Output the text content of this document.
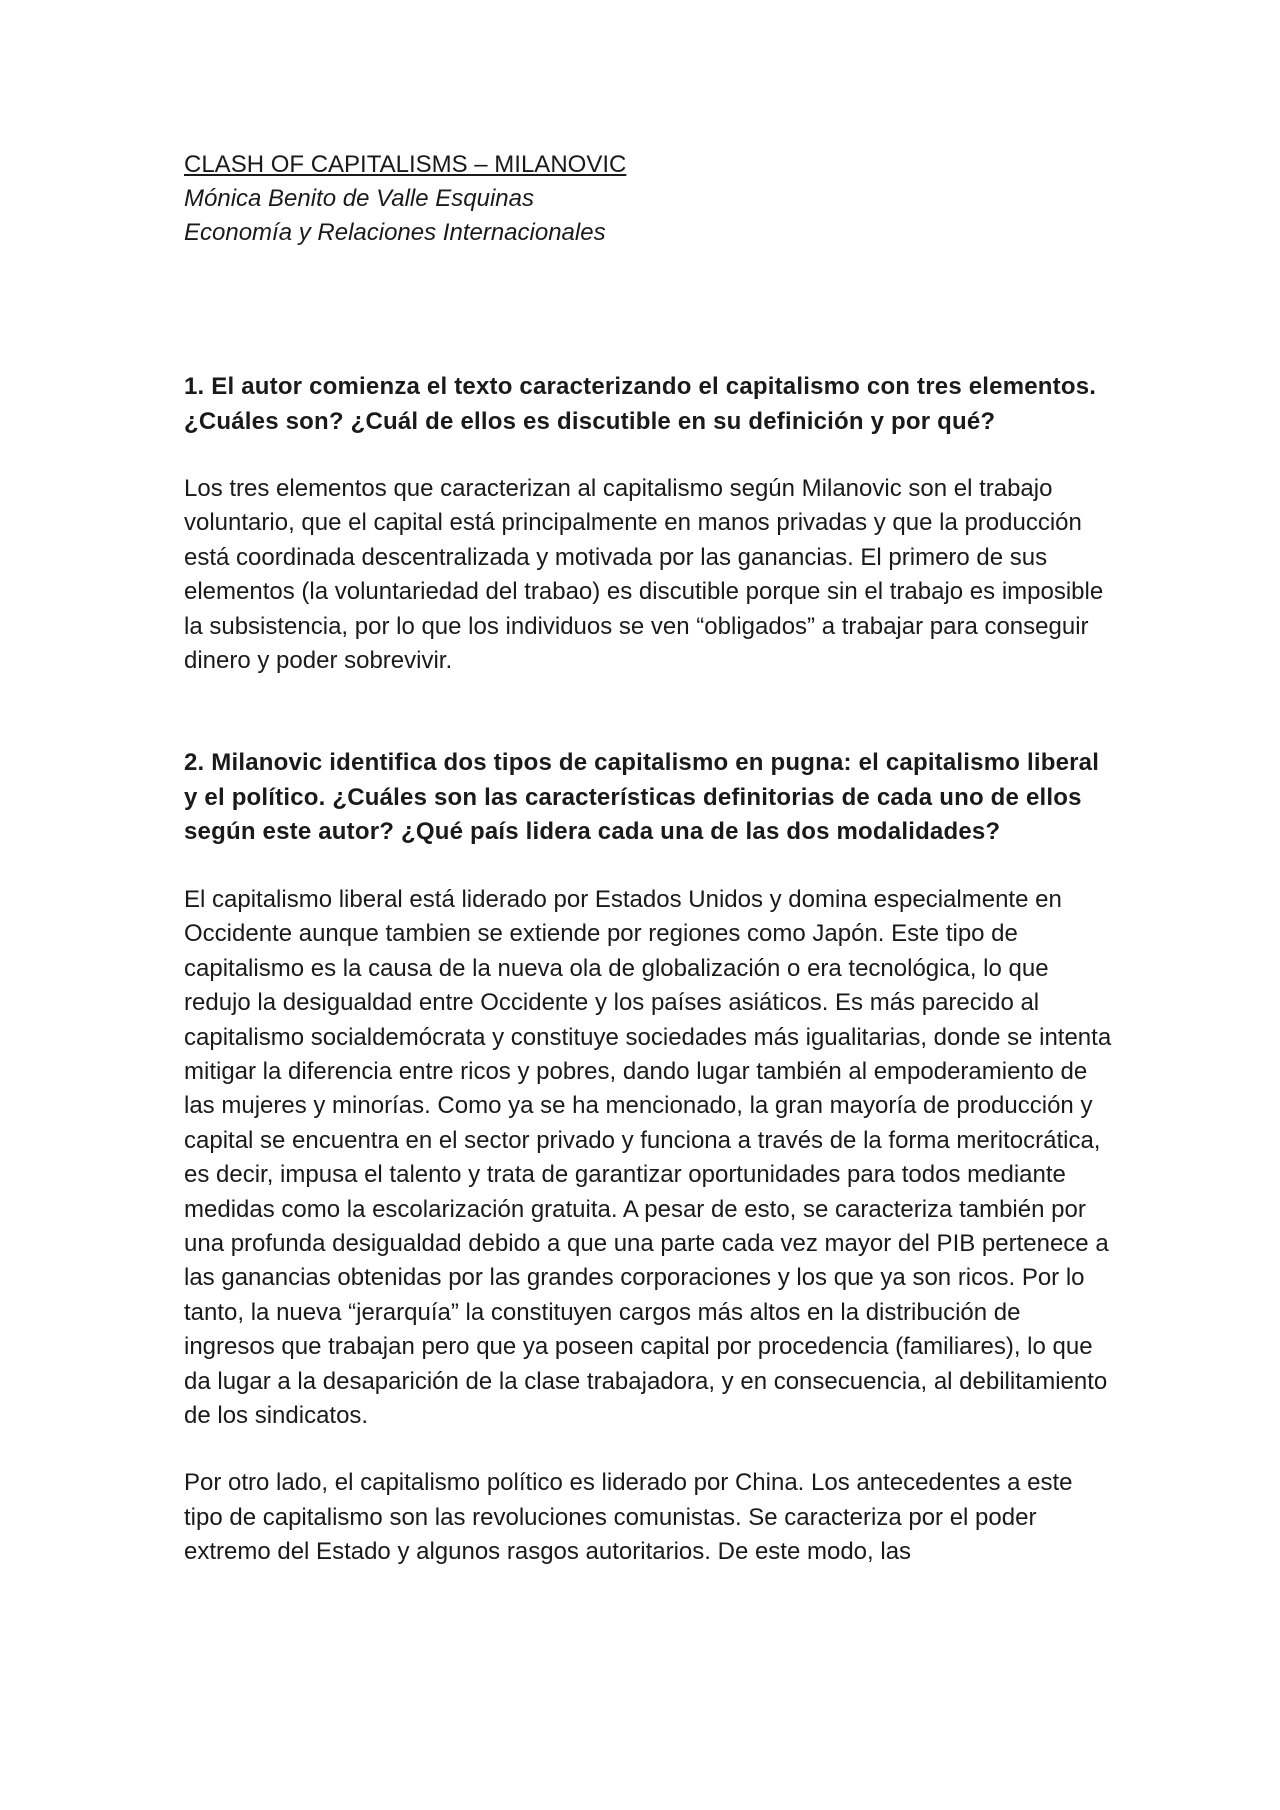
CLASH OF CAPITALISMS – MILANOVIC

Mónica Benito de Valle Esquinas

Economía y Relaciones Internacionales

1. El autor comienza el texto caracterizando el capitalismo con tres elementos. ¿Cuáles son? ¿Cuál de ellos es discutible en su definición y por qué?

Los tres elementos que caracterizan al capitalismo según Milanovic son el trabajo voluntario, que el capital está principalmente en manos privadas y que la producción está coordinada descentralizada y motivada por las ganancias. El primero de sus elementos (la voluntariedad del trabao) es discutible porque sin el trabajo es imposible la subsistencia, por lo que los individuos se ven “obligados” a trabajar para conseguir dinero y poder sobrevivir.

2. Milanovic identifica dos tipos de capitalismo en pugna: el capitalismo liberal y el político. ¿Cuáles son las características definitorias de cada uno de ellos según este autor? ¿Qué país lidera cada una de las dos modalidades?

El capitalismo liberal está liderado por Estados Unidos y domina especialmente en Occidente aunque tambien se extiende por regiones como Japón. Este tipo de capitalismo es la causa de la nueva ola de globalización o era tecnológica, lo que redujo la desigualdad entre Occidente y los países asiáticos. Es más parecido al capitalismo socialdemócrata y constituye sociedades más igualitarias, donde se intenta mitigar la diferencia entre ricos y pobres, dando lugar también al empoderamiento de las mujeres y minorías. Como ya se ha mencionado, la gran mayoría de producción y capital se encuentra en el sector privado y funciona a través de la forma meritocrática, es decir, impusa el talento y trata de garantizar oportunidades para todos mediante medidas como la escolarización gratuita. A pesar de esto, se caracteriza también por una profunda desigualdad debido a que una parte cada vez mayor del PIB pertenece a las ganancias obtenidas por las grandes corporaciones y los que ya son ricos. Por lo tanto, la nueva “jerarquía” la constituyen cargos más altos en la distribución de ingresos que trabajan pero que ya poseen capital por procedencia (familiares), lo que da lugar a la desaparición de la clase trabajadora, y en consecuencia, al debilitamiento de los sindicatos.

Por otro lado, el capitalismo político es liderado por China. Los antecedentes a este tipo de capitalismo son las revoluciones comunistas. Se caracteriza por el poder extremo del Estado y algunos rasgos autoritarios. De este modo, las
